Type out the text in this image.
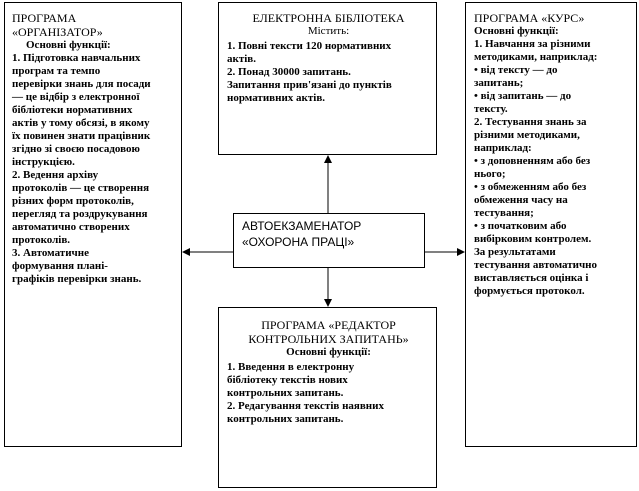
ПРОГРАМА
«ОРГАНІЗАТОР»
Основні функції:
1. Підготовка навчальних
програм та темпо
перевірки знань для посади
— це відбір з електронної
бібліотеки нормативних
актів у тому обсязі, в якому
їх повинен знати працівник
згідно зі своєю посадовою
інструкцією.
2. Ведення архіву
протоколів — це створення
різних форм протоколів,
перегляд та роздрукування
автоматично створених
протоколів.
3. Автоматичне
формування плані-
графіків перевірки знань.
ЕЛЕКТРОННА БІБЛІОТЕКА
Містить:
1. Повні тексти 120 нормативних
актів.
2. Понад 30000 запитань.
Запитання прив'язані до пунктів
нормативних актів.
АВТОЕКЗАМЕНАТОР
«ОХОРОНА ПРАЦІ»
ПРОГРАМА «КУРС»
Основні функції:
1. Навчання за різними
методиками, наприклад:
• від тексту — до
запитань;
• від запитань — до
тексту.
2. Тестування знань за
різними методиками,
наприклад:
• з доповненням або без
нього;
• з обмеженням або без
обмеження часу на
тестування;
• з початковим або
вибірковим контролем.
За результатами
тестування автоматично
виставляється оцінка і
формується протокол.
ПРОГРАМА «РЕДАКТОР
КОНТРОЛЬНИХ ЗАПИТАНЬ»
Основні функції:
1. Введення в електронну
бібліотеку текстів нових
контрольних запитань.
2. Редагування текстів наявних
контрольних запитань.
